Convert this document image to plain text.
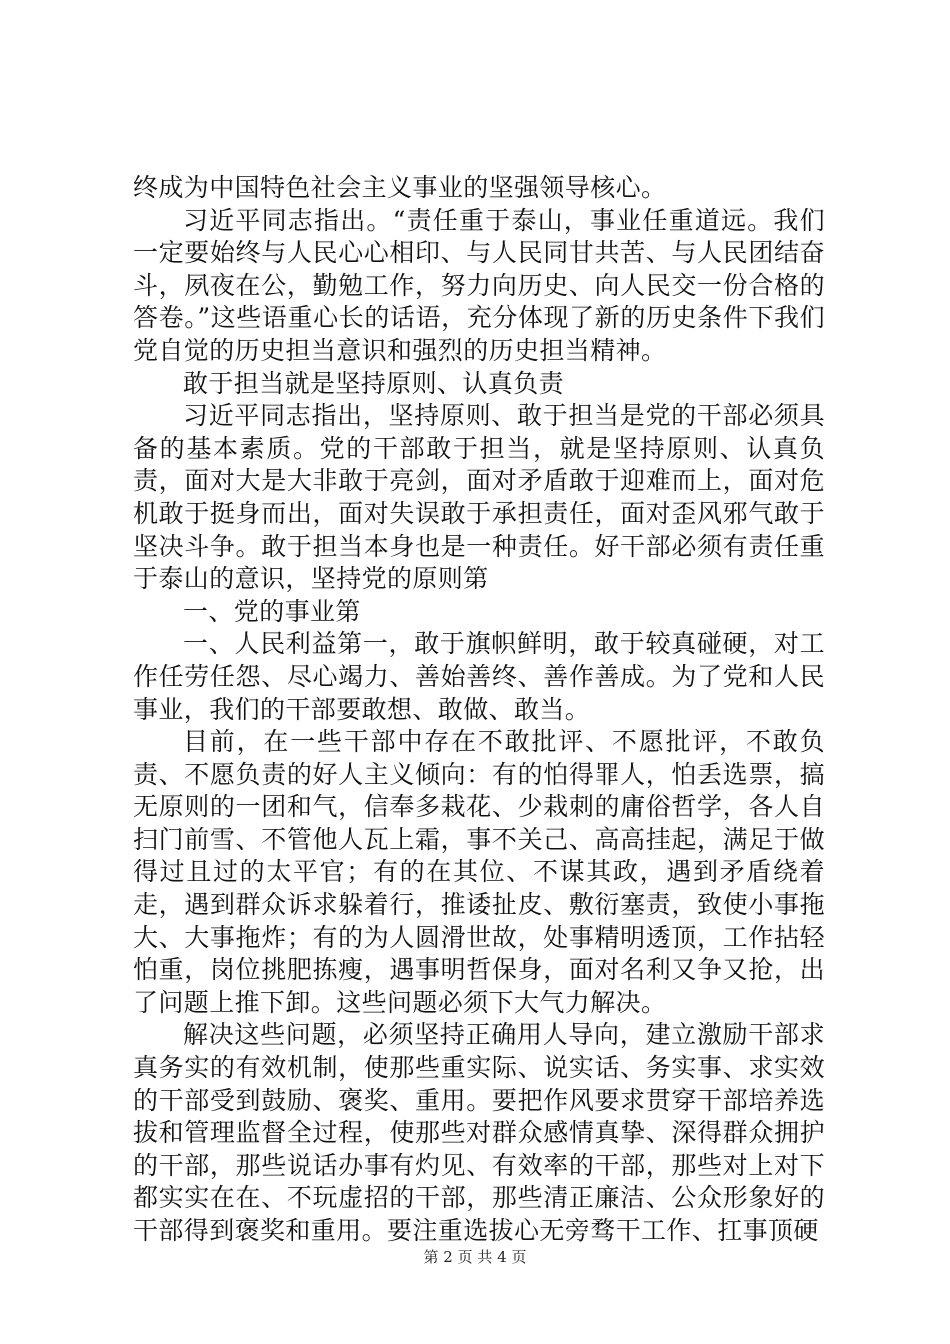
终成为中国特色社会主义事业的坚强领导核心。

习近平同志指出。“责任重于泰山，事业任重道远。我们一定要始终与人民心心相印、与人民同甘共苦、与人民团结奋斗，夙夜在公，勤勉工作，努力向历史、向人民交一份合格的答卷。”这些语重心长的话语，充分体现了新的历史条件下我们党自觉的历史担当意识和强烈的历史担当精神。

敢于担当就是坚持原则、认真负责

习近平同志指出，坚持原则、敢于担当是党的干部必须具备的基本素质。党的干部敢于担当，就是坚持原则、认真负责，面对大是大非敢于亮剑，面对矛盾敢于迎难而上，面对危机敢于挺身而出，面对失误敢于承担责任，面对歪风邪气敢于坚决斗争。敢于担当本身也是一种责任。好干部必须有责任重于泰山的意识，坚持党的原则第

一、党的事业第

一、人民利益第一，敢于旗帜鲜明，敢于较真碰硬，对工作任劳任怨、尽心竭力、善始善终、善作善成。为了党和人民事业，我们的干部要敢想、敢做、敢当。

目前，在一些干部中存在不敢批评、不愿批评，不敢负责、不愿负责的好人主义倾向：有的怕得罪人，怕丢选票，搞无原则的一团和气，信奉多栽花、少栽刺的庸俗哲学，各人自扫门前雪、不管他人瓦上霜，事不关己、高高挂起，满足于做得过且过的太平官；有的在其位、不谋其政，遇到矛盾绕着走，遇到群众诉求躲着行，推诿扯皮、敷衍塞责，致使小事拖大、大事拖炸；有的为人圆滑世故，处事精明透顶，工作拈轻怕重，岗位挑肥拣瘦，遇事明哲保身，面对名利又争又抢，出了问题上推下卸。这些问题必须下大气力解决。

解决这些问题，必须坚持正确用人导向，建立激励干部求真务实的有效机制，使那些重实际、说实话、务实事、求实效的干部受到鼓励、褒奖、重用。要把作风要求贯穿干部培养选拔和管理监督全过程，使那些对群众感情真挚、深得群众拥护的干部，那些说话办事有灼见、有效率的干部，那些对上对下都实实在在、不玩虚招的干部，那些清正廉洁、公众形象好的干部得到褒奖和重用。要注重选拔心无旁骛干工作、扛事顶硬

第 2 页 共 4 页
